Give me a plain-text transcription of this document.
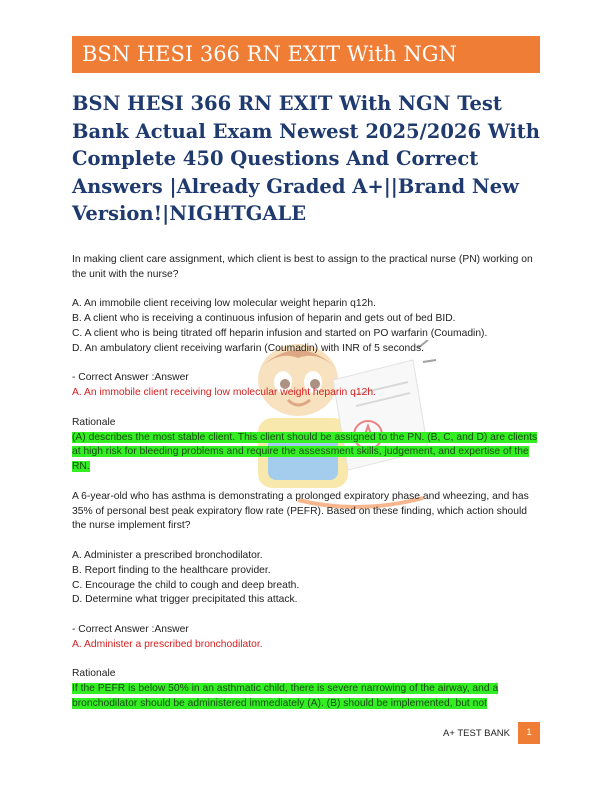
BSN HESI 366 RN EXIT With NGN
BSN HESI 366 RN EXIT With NGN Test Bank Actual Exam Newest 2025/2026 With Complete 450 Questions And Correct Answers |Already Graded A+||Brand New Version!|NIGHTGALE

In making client care assignment, which client is best to assign to the practical nurse (PN) working on the unit with the nurse?

A. An immobile client receiving low molecular weight heparin q12h.

B. A client who is receiving a continuous infusion of heparin and gets out of bed BID.

C. A client who is being titrated off heparin infusion and started on PO warfarin (Coumadin).

D. An ambulatory client receiving warfarin (Coumadin) with INR of 5 seconds.

- Correct Answer :Answer

A. An immobile client receiving low molecular weight heparin q12h.

Rationale

(A) describes the most stable client. This client should be assigned to the PN. (B, C, and D) are clients at high risk for bleeding problems and require the assessment skills, judgement, and expertise of the RN.

A 6-year-old who has asthma is demonstrating a prolonged expiratory phase and wheezing, and has 35% of personal best peak expiratory flow rate (PEFR). Based on these finding, which action should the nurse implement first?

A. Administer a prescribed bronchodilator.

B. Report finding to the healthcare provider.

C. Encourage the child to cough and deep breath.

D. Determine what trigger precipitated this attack.

- Correct Answer :Answer

A. Administer a prescribed bronchodilator.

Rationale

If the PEFR is below 50% in an asthmatic child, there is severe narrowing of the airway, and a bronchodilator should be administered immediately (A). (B) should be implemented, but not

A+ TEST BANK	1
